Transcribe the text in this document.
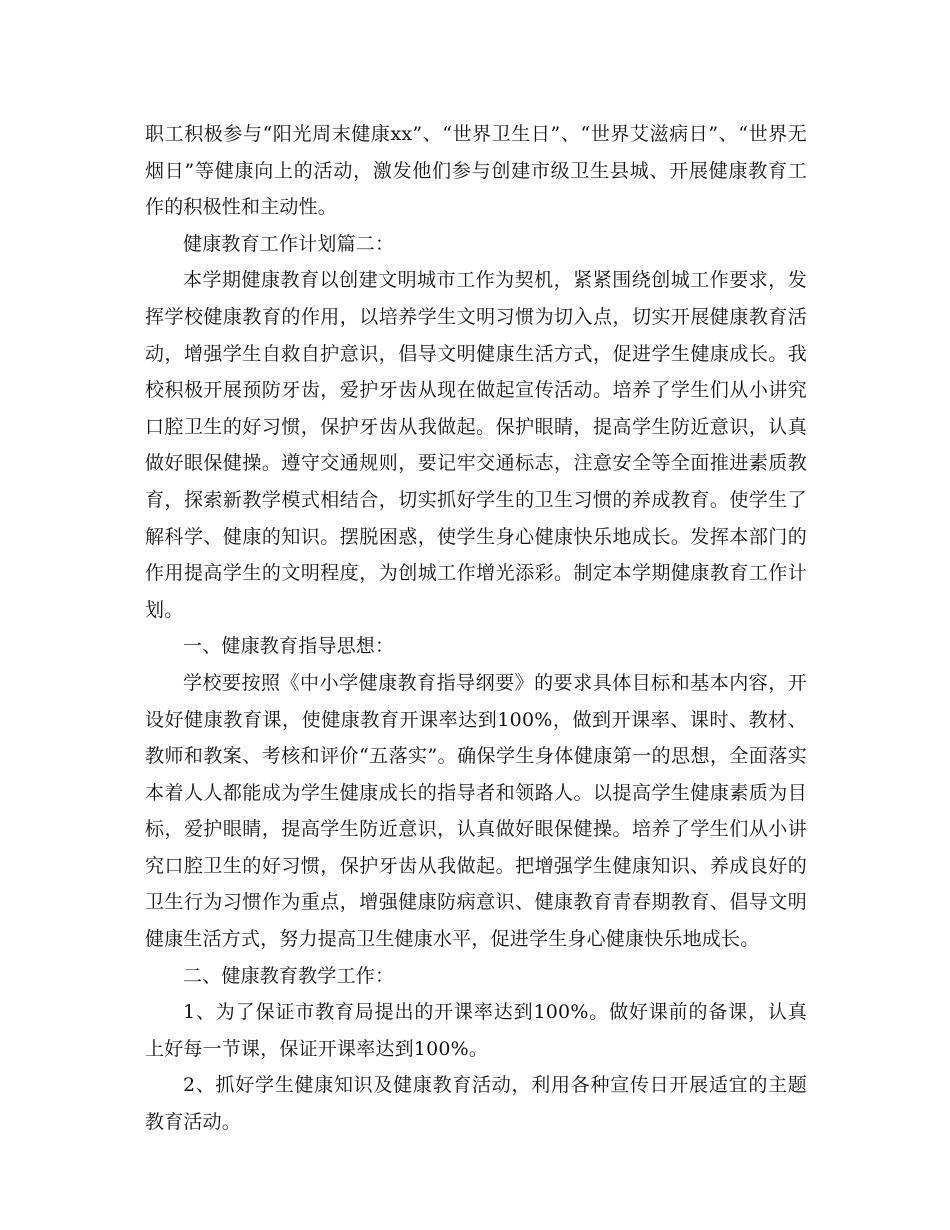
职工积极参与“阳光周末健康xx”、“世界卫生日”、“世界艾滋病日”、“世界无烟日”等健康向上的活动，激发他们参与创建市级卫生县城、开展健康教育工作的积极性和主动性。

健康教育工作计划篇二：

本学期健康教育以创建文明城市工作为契机，紧紧围绕创城工作要求，发挥学校健康教育的作用，以培养学生文明习惯为切入点，切实开展健康教育活动，增强学生自救自护意识，倡导文明健康生活方式，促进学生健康成长。我校积极开展预防牙齿，爱护牙齿从现在做起宣传活动。培养了学生们从小讲究口腔卫生的好习惯，保护牙齿从我做起。保护眼睛，提高学生防近意识，认真做好眼保健操。遵守交通规则，要记牢交通标志，注意安全等全面推进素质教育，探索新教学模式相结合，切实抓好学生的卫生习惯的养成教育。使学生了解科学、健康的知识。摆脱困惑，使学生身心健康快乐地成长。发挥本部门的作用提高学生的文明程度，为创城工作增光添彩。制定本学期健康教育工作计划。

一、健康教育指导思想：

学校要按照《中小学健康教育指导纲要》的要求具体目标和基本内容，开设好健康教育课，使健康教育开课率达到100%，做到开课率、课时、教材、教师和教案、考核和评价“五落实”。确保学生身体健康第一的思想，全面落实本着人人都能成为学生健康成长的指导者和领路人。以提高学生健康素质为目标，爱护眼睛，提高学生防近意识，认真做好眼保健操。培养了学生们从小讲究口腔卫生的好习惯，保护牙齿从我做起。把增强学生健康知识、养成良好的卫生行为习惯作为重点，增强健康防病意识、健康教育青春期教育、倡导文明健康生活方式，努力提高卫生健康水平，促进学生身心健康快乐地成长。

二、健康教育教学工作：

1、为了保证市教育局提出的开课率达到100%。做好课前的备课，认真上好每一节课，保证开课率达到100%。

2、抓好学生健康知识及健康教育活动，利用各种宣传日开展适宜的主题教育活动。
